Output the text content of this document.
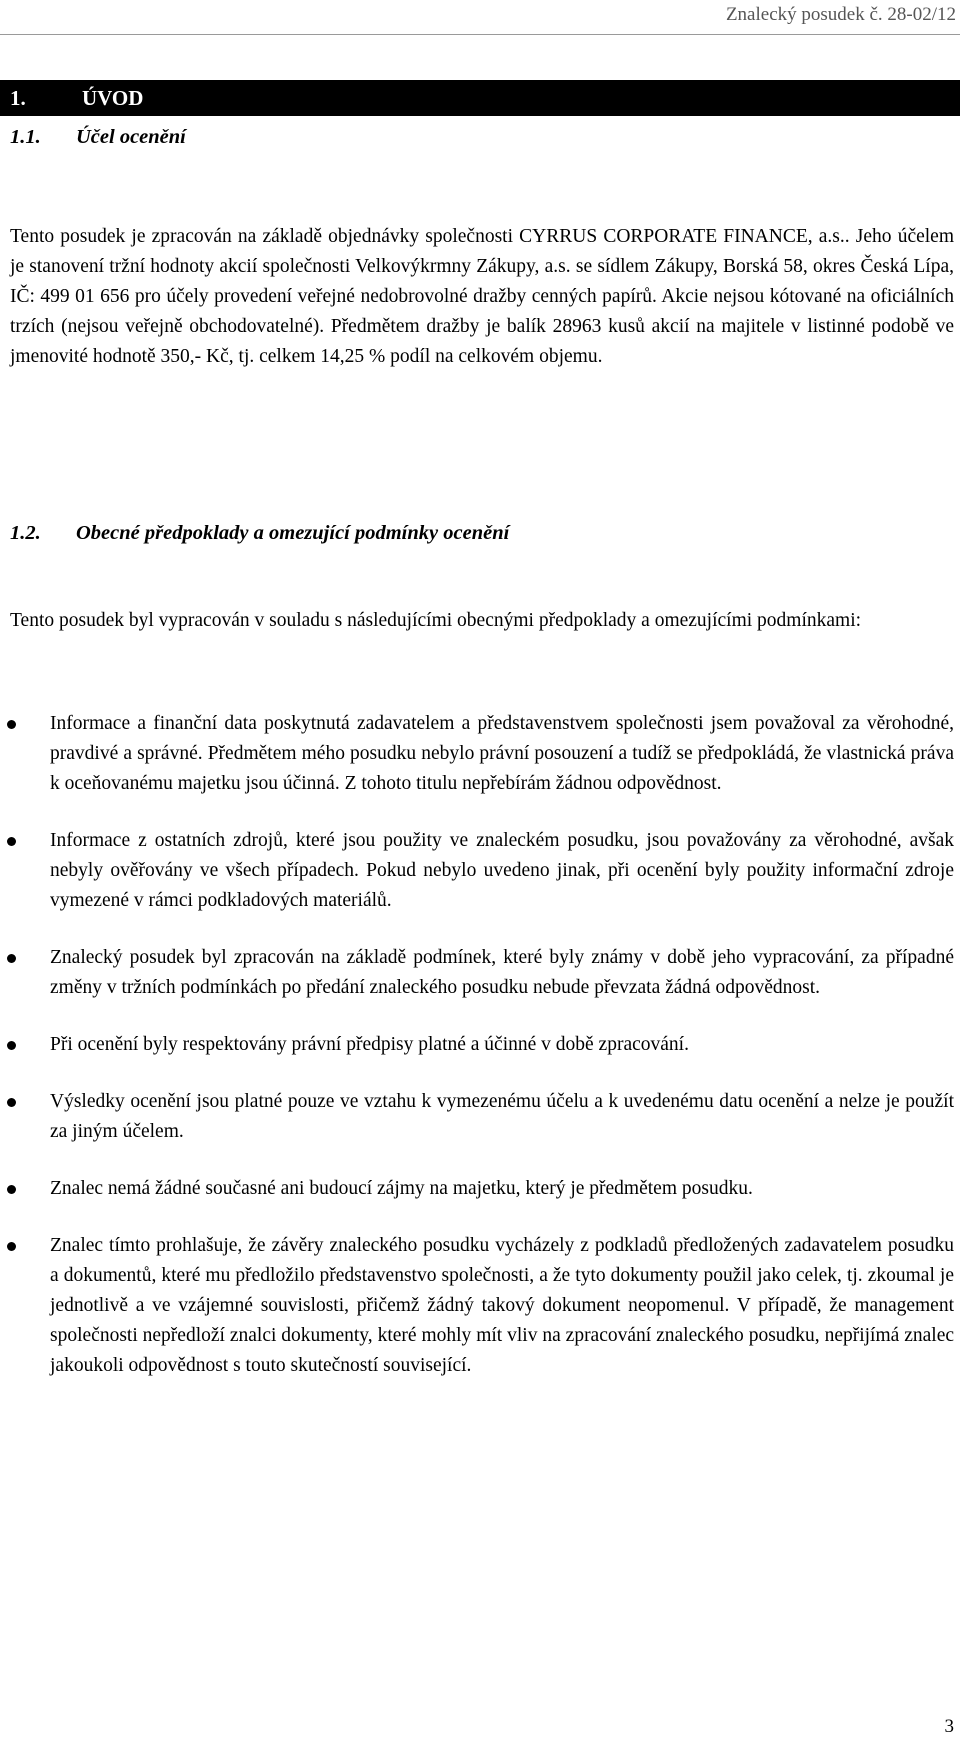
Znalecký posudek č. 28-02/12
1.	ÚVOD
1.1. Účel ocenění
Tento posudek je zpracován na základě objednávky společnosti CYRRUS CORPORATE FINANCE, a.s.. Jeho účelem je stanovení tržní hodnoty akcií společnosti Velkovýkrmny Zákupy, a.s. se sídlem Zákupy, Borská 58, okres Česká Lípa, IČ: 499 01 656 pro účely provedení veřejné nedobrovolné dražby cenných papírů. Akcie nejsou kótované na oficiálních trzích (nejsou veřejně obchodovatelné). Předmětem dražby je balík 28963 kusů akcií na majitele v listinné podobě ve jmenovité hodnotě 350,- Kč, tj. celkem 14,25 % podíl na celkovém objemu.
1.2. Obecné předpoklady a omezující podmínky ocenění
Tento posudek byl vypracován v souladu s následujícími obecnými předpoklady a omezujícími podmínkami:
Informace a finanční data poskytnutá zadavatelem a představenstvem společnosti jsem považoval za věrohodné, pravdivé a správné. Předmětem mého posudku nebylo právní posouzení a tudíž se předpokládá, že vlastnická práva k oceňovanému majetku jsou účinná. Z tohoto titulu nepřebírám žádnou odpovědnost.
Informace z ostatních zdrojů, které jsou použity ve znaleckém posudku, jsou považovány za věrohodné, avšak nebyly ověřovány ve všech případech. Pokud nebylo uvedeno jinak, při ocenění byly použity informační zdroje vymezené v rámci podkladových materiálů.
Znalecký posudek byl zpracován na základě podmínek, které byly známy v době jeho vypracování, za případné změny v tržních podmínkách po předání znaleckého posudku nebude převzata žádná odpovědnost.
Při ocenění byly respektovány právní předpisy platné a účinné v době zpracování.
Výsledky ocenění jsou platné pouze ve vztahu k vymezenému účelu a k uvedenému datu ocenění a nelze je použít za jiným účelem.
Znalec nemá žádné současné ani budoucí zájmy na majetku, který je předmětem posudku.
Znalec tímto prohlašuje, že závěry znaleckého posudku vycházely z podkladů předložených zadavatelem posudku a dokumentů, které mu předložilo představenstvo společnosti, a že tyto dokumenty použil jako celek, tj. zkoumal je jednotlivě a ve vzájemné souvislosti, přičemž žádný takový dokument neopomenul. V případě, že management společnosti nepředloží znalci dokumenty, které mohly mít vliv na zpracování znaleckého posudku, nepřijímá znalec jakoukoli odpovědnost s touto skutečností související.
3
